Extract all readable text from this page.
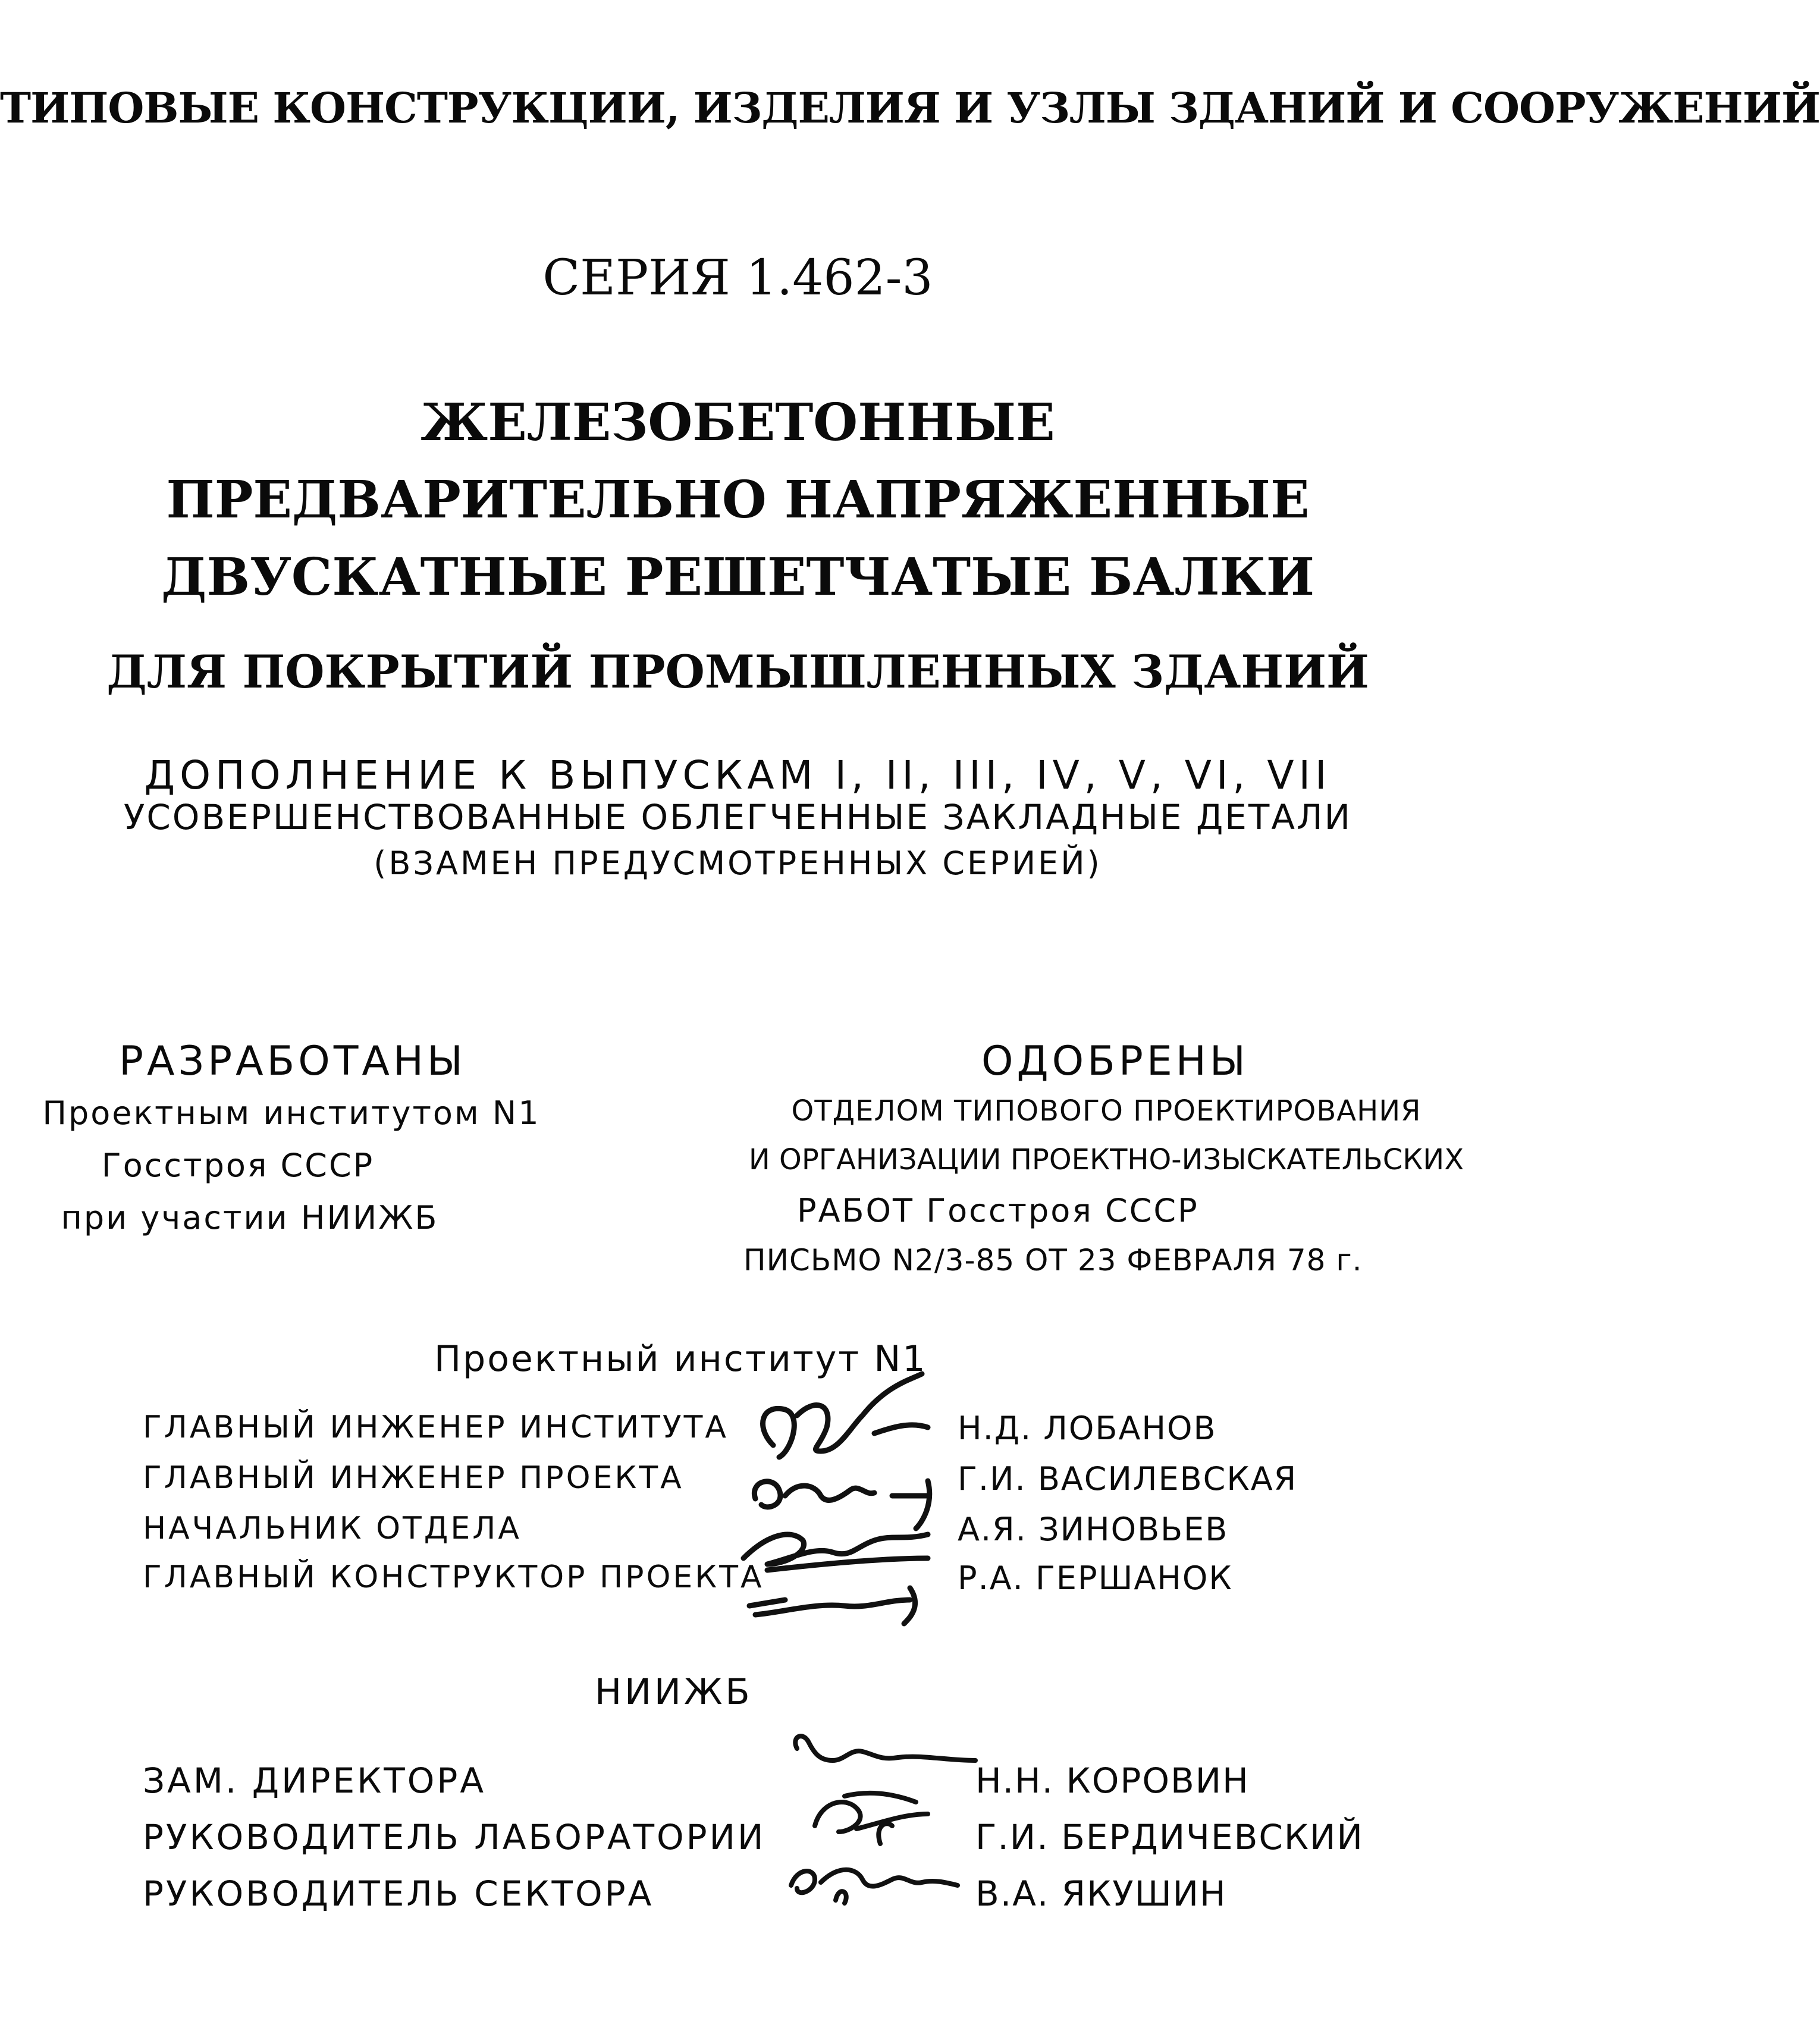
ТИПОВЫЕ КОНСТРУКЦИИ, ИЗДЕЛИЯ И УЗЛЫ ЗДАНИЙ И СООРУЖЕНИЙ
СЕРИЯ 1.462-3
ЖЕЛЕЗОБЕТОННЫЕ
ПРЕДВАРИТЕЛЬНО НАПРЯЖЕННЫЕ
ДВУСКАТНЫЕ РЕШЕТЧАТЫЕ БАЛКИ
ДЛЯ ПОКРЫТИЙ ПРОМЫШЛЕННЫХ ЗДАНИЙ
ДОПОЛНЕНИЕ К ВЫПУСКАМ I, II, III, IV, V, VI, VII
УСОВЕРШЕНСТВОВАННЫЕ ОБЛЕГЧЕННЫЕ ЗАКЛАДНЫЕ ДЕТАЛИ
(ВЗАМЕН ПРЕДУСМОТРЕННЫХ СЕРИЕЙ)
РАЗРАБОТАНЫ
Проектным институтом N1
Госстроя СССР
при участии НИИЖБ
ОДОБРЕНЫ
ОТДЕЛОМ ТИПОВОГО ПРОЕКТИРОВАНИЯ
И ОРГАНИЗАЦИИ ПРОЕКТНО-ИЗЫСКАТЕЛЬСКИХ
РАБОТ Госстроя СССР
ПИСЬМО N2/3-85 ОТ 23 ФЕВРАЛЯ 78 г.
Проектный институт N1
ГЛАВНЫЙ ИНЖЕНЕР ИНСТИТУТА	Н.Д. ЛОБАНОВ
ГЛАВНЫЙ ИНЖЕНЕР ПРОЕКТА	Г.И. ВАСИЛЕВСКАЯ
НАЧАЛЬНИК ОТДЕЛА	А.Я. ЗИНОВЬЕВ
ГЛАВНЫЙ КОНСТРУКТОР ПРОЕКТА	Р.А. ГЕРШАНОК
НИИЖБ
ЗАМ. ДИРЕКТОРА	Н.Н. КОРОВИН
РУКОВОДИТЕЛЬ ЛАБОРАТОРИИ	Г.И. БЕРДИЧЕВСКИЙ
РУКОВОДИТЕЛЬ СЕКТОРА	В.А. ЯКУШИН
